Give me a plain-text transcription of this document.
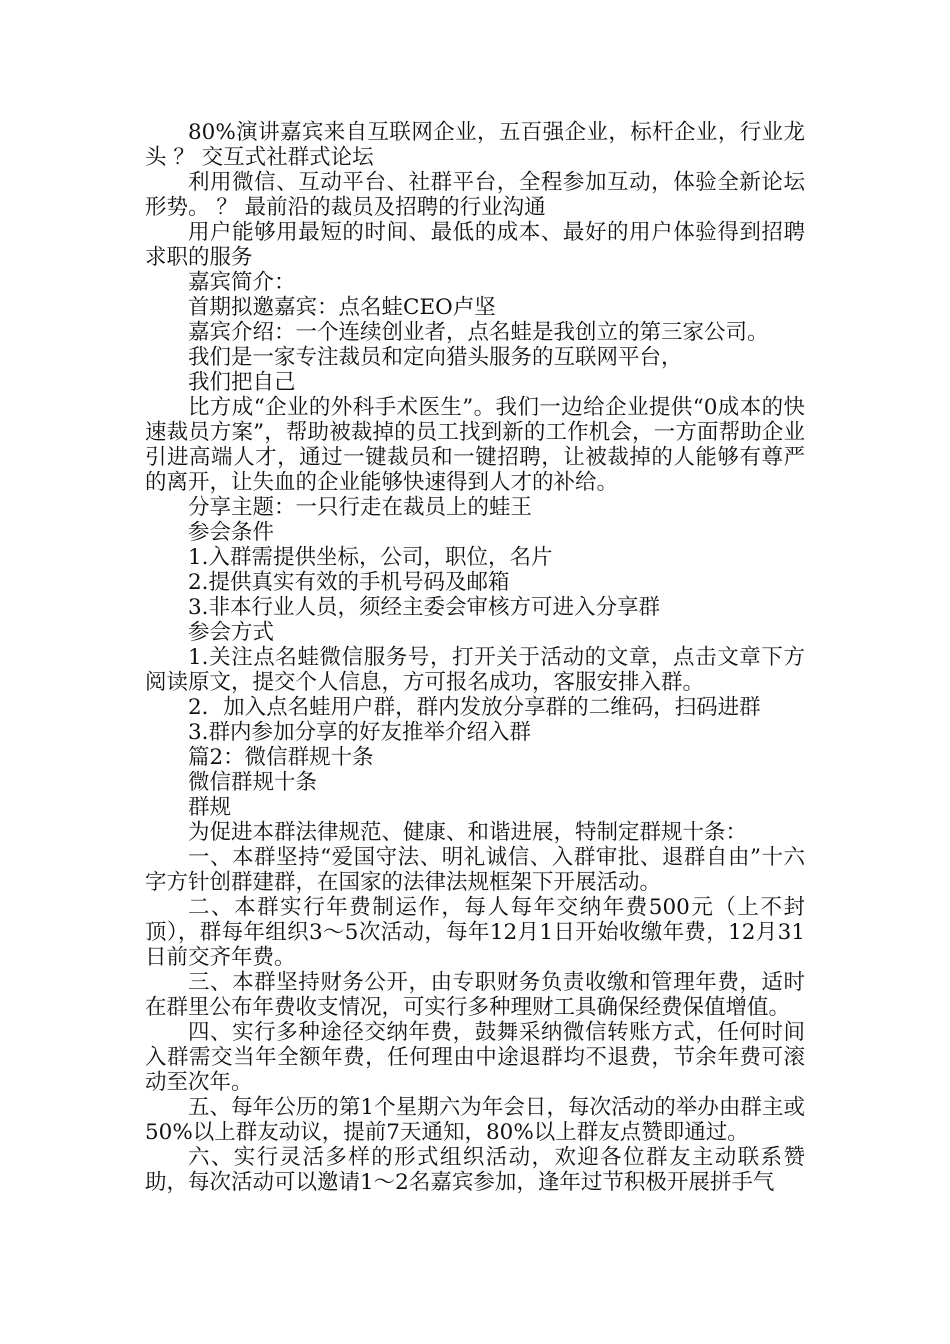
80%演讲嘉宾来自互联网企业，五百强企业，标杆企业，行业龙头 ？ 交互式社群式论坛

利用微信、互动平台、社群平台，全程参加互动，体验全新论坛形势。 ？ 最前沿的裁员及招聘的行业沟通

用户能够用最短的时间、最低的成本、最好的用户体验得到招聘求职的服务

嘉宾简介：

首期拟邀嘉宾：点名蛙CEO卢坚

嘉宾介绍：一个连续创业者，点名蛙是我创立的第三家公司。

我们是一家专注裁员和定向猎头服务的互联网平台，

我们把自己

比方成“企业的外科手术医生”。我们一边给企业提供“0成本的快速裁员方案”，帮助被裁掉的员工找到新的工作机会，一方面帮助企业引进高端人才，通过一键裁员和一键招聘，让被裁掉的人能够有尊严的离开，让失血的企业能够快速得到人才的补给。

分享主题：一只行走在裁员上的蛙王

参会条件

1.入群需提供坐标，公司，职位，名片

2.提供真实有效的手机号码及邮箱

3.非本行业人员，须经主委会审核方可进入分享群

参会方式

1.关注点名蛙微信服务号，打开关于活动的文章，点击文章下方阅读原文，提交个人信息，方可报名成功，客服安排入群。

2．加入点名蛙用户群，群内发放分享群的二维码，扫码进群

3.群内参加分享的好友推举介绍入群

篇2：微信群规十条

微信群规十条

群规

为促进本群法律规范、健康、和谐进展，特制定群规十条：

一、本群坚持“爱国守法、明礼诚信、入群审批、退群自由”十六字方针创群建群，在国家的法律法规框架下开展活动。

二、本群实行年费制运作，每人每年交纳年费500元（上不封顶），群每年组织3～5次活动，每年12月1日开始收缴年费，12月31日前交齐年费。

三、本群坚持财务公开，由专职财务负责收缴和管理年费，适时在群里公布年费收支情况，可实行多种理财工具确保经费保值增值。

四、实行多种途径交纳年费，鼓舞采纳微信转账方式，任何时间入群需交当年全额年费，任何理由中途退群均不退费，节余年费可滚动至次年。

五、每年公历的第1个星期六为年会日，每次活动的举办由群主或50%以上群友动议，提前7天通知，80%以上群友点赞即通过。

六、实行灵活多样的形式组织活动，欢迎各位群友主动联系赞助，每次活动可以邀请1～2名嘉宾参加，逢年过节积极开展拼手气
